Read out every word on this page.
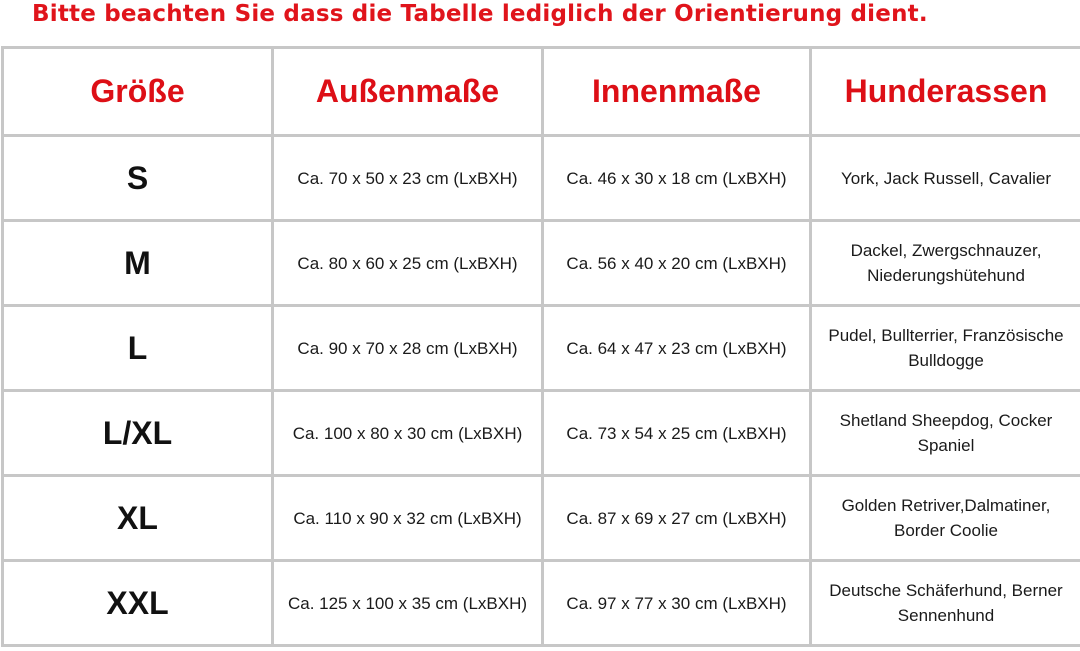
Bitte beachten Sie dass die Tabelle lediglich der Orientierung dient.
Größe	Außenmaße	Innenmaße	Hunderassen
S	Ca. 70 x 50 x 23 cm (LxBXH)	Ca. 46 x 30 x 18 cm (LxBXH)	York, Jack Russell, Cavalier
M	Ca. 80 x 60 x 25 cm (LxBXH)	Ca. 56 x 40 x 20 cm (LxBXH)	Dackel, Zwergschnauzer, Niederungshütehund
L	Ca. 90 x 70 x 28 cm (LxBXH)	Ca. 64 x 47 x 23 cm (LxBXH)	Pudel, Bullterrier, Französische Bulldogge
L/XL	Ca. 100 x 80 x 30 cm (LxBXH)	Ca. 73 x 54 x 25 cm (LxBXH)	Shetland Sheepdog, Cocker Spaniel
XL	Ca. 110 x 90 x 32 cm (LxBXH)	Ca. 87 x 69 x 27 cm (LxBXH)	Golden Retriver,Dalmatiner, Border Coolie
XXL	Ca. 125 x 100 x 35 cm (LxBXH)	Ca. 97 x 77 x 30 cm (LxBXH)	Deutsche Schäferhund, Berner Sennenhund
